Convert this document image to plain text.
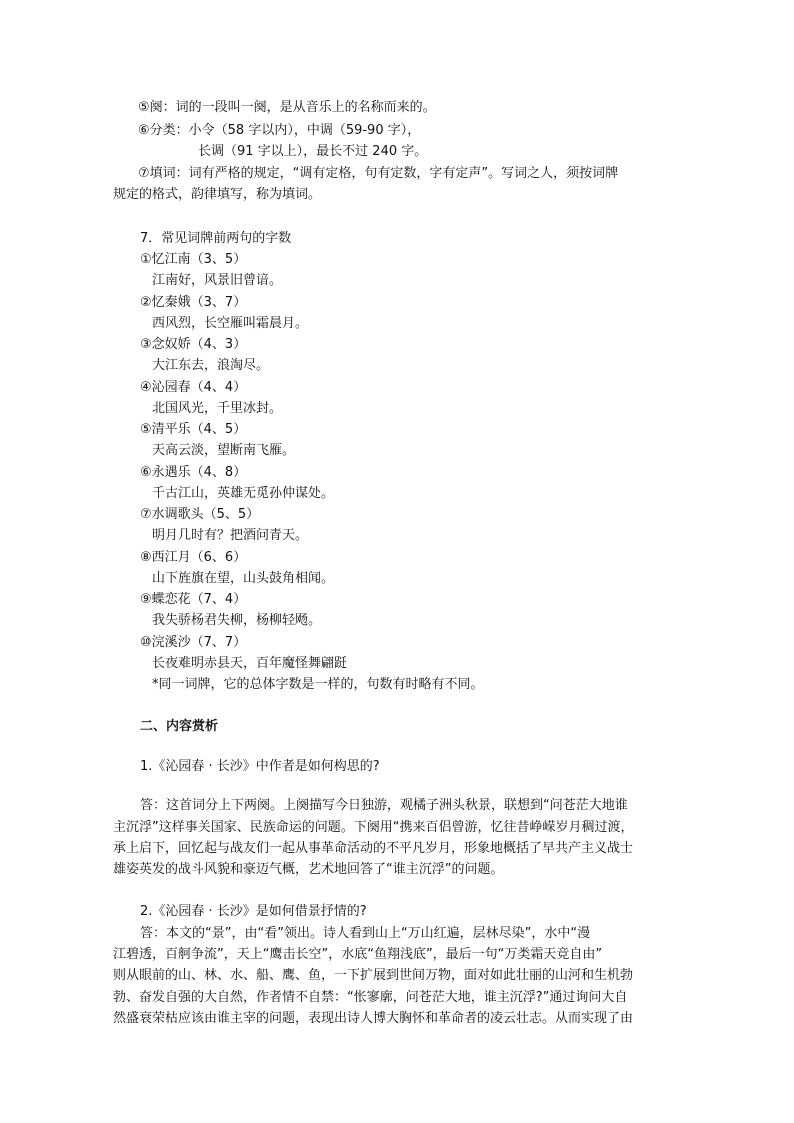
⑤阕：词的一段叫一阕，是从音乐上的名称而来的。
⑥分类：小令（58 字以内），中调（59-90 字），
长调（91 字以上），最长不过 240 字。
⑦填词：词有严格的规定，“调有定格，句有定数，字有定声”。写词之人，须按词牌
规定的格式，韵律填写，称为填词。
7．常见词牌前两句的字数
①忆江南（3、5）
江南好，风景旧曾谙。
②忆秦娥（3、7）
西风烈，长空雁叫霜晨月。
③念奴娇（4、3）
大江东去，浪淘尽。
④沁园春（4、4）
北国风光，千里冰封。
⑤清平乐（4、5）
天高云淡，望断南飞雁。
⑥永遇乐（4、8）
千古江山，英雄无觅孙仲谋处。
⑦水调歌头（5、5）
明月几时有？把酒问青天。
⑧西江月（6、6）
山下旌旗在望，山头鼓角相闻。
⑨蝶恋花（7、4）
我失骄杨君失柳，杨柳轻飏。
⑩浣溪沙（7、7）
长夜难明赤县天，百年魔怪舞翩跹
*同一词牌，它的总体字数是一样的，句数有时略有不同。
二、内容赏析
1.《沁园春 · 长沙》中作者是如何构思的?
答：这首词分上下两阕。上阕描写今日独游，观橘子洲头秋景，联想到“问苍茫大地谁
主沉浮”这样事关国家、民族命运的问题。下阕用“携来百侣曾游，忆往昔峥嵘岁月稠过渡，
承上启下，回忆起与战友们一起从事革命活动的不平凡岁月，形象地概括了早共产主义战士
雄姿英发的战斗风貌和豪迈气概，艺术地回答了“谁主沉浮”的问题。
2.《沁园春 · 长沙》是如何借景抒情的?
答：本文的“景”，由“看”领出。诗人看到山上“万山红遍，层林尽染”，水中“漫
江碧透，百舸争流”，天上“鹰击长空”，水底“鱼翔浅底”，最后一句“万类霜天竞自由”
则从眼前的山、林、水、船、鹰、鱼，一下扩展到世间万物，面对如此壮丽的山河和生机勃
勃、奋发自强的大自然，作者情不自禁：“怅寥廓，问苍茫大地，谁主沉浮?”通过询问大自
然盛衰荣枯应该由谁主宰的问题，表现出诗人博大胸怀和革命者的凌云壮志。从而实现了由
